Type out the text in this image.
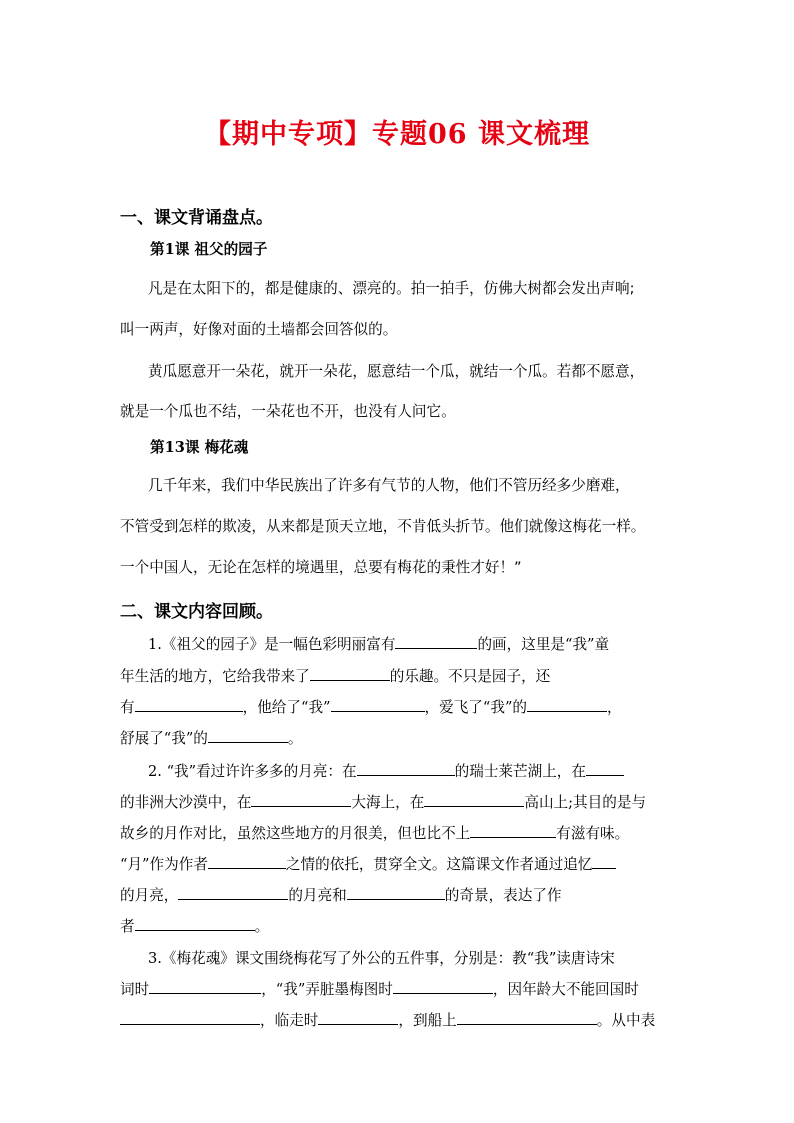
【期中专项】专题06 课文梳理
一、课文背诵盘点。
第1课 祖父的园子
凡是在太阳下的，都是健康的、漂亮的。拍一拍手，仿佛大树都会发出声响;
叫一两声，好像对面的土墙都会回答似的。
黄瓜愿意开一朵花，就开一朵花，愿意结一个瓜，就结一个瓜。若都不愿意，
就是一个瓜也不结，一朵花也不开，也没有人问它。
第13课 梅花魂
几千年来，我们中华民族出了许多有气节的人物，他们不管历经多少磨难，
不管受到怎样的欺凌，从来都是顶天立地，不肯低头折节。他们就像这梅花一样。
一个中国人，无论在怎样的境遇里，总要有梅花的秉性才好！”
二、课文内容回顾。
1.《祖父的园子》是一幅色彩明丽富有	的画，这里是“我”童
年生活的地方，它给我带来了	的乐趣。不只是园子，还
有	，他给了“我”	，爱飞了“我”的	，
舒展了“我”的	。
2. “我”看过许许多多的月亮：在	的瑞士莱芒湖上，在
的非洲大沙漠中，在	大海上，在	高山上;其目的是与
故乡的月作对比，虽然这些地方的月很美，但也比不上	有滋有味。
“月”作为作者	之情的依托，贯穿全文。这篇课文作者通过追忆
的月亮，	的月亮和	的奇景，表达了作
者	。
3.《梅花魂》课文围绕梅花写了外公的五件事，分别是：教“我”读唐诗宋
词时	，“我”弄脏墨梅图时	，因年龄大不能回国时
，临走时	，到船上	。从中表
